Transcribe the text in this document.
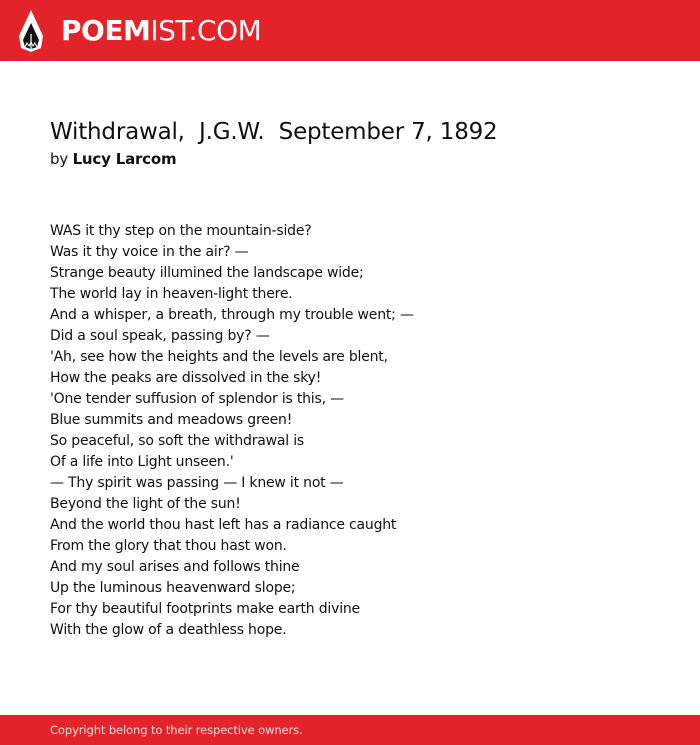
POEMIST.COM
Withdrawal,  J.G.W.  September 7, 1892
by Lucy Larcom
WAS it thy step on the mountain-side?
Was it thy voice in the air? —
Strange beauty illumined the landscape wide;
The world lay in heaven-light there.
And a whisper, a breath, through my trouble went; —
Did a soul speak, passing by? —
'Ah, see how the heights and the levels are blent,
How the peaks are dissolved in the sky!
'One tender suffusion of splendor is this, —
Blue summits and meadows green!
So peaceful, so soft the withdrawal is
Of a life into Light unseen.'
— Thy spirit was passing — I knew it not —
Beyond the light of the sun!
And the world thou hast left has a radiance caught
From the glory that thou hast won.
And my soul arises and follows thine
Up the luminous heavenward slope;
For thy beautiful footprints make earth divine
With the glow of a deathless hope.
Copyright belong to their respective owners.
